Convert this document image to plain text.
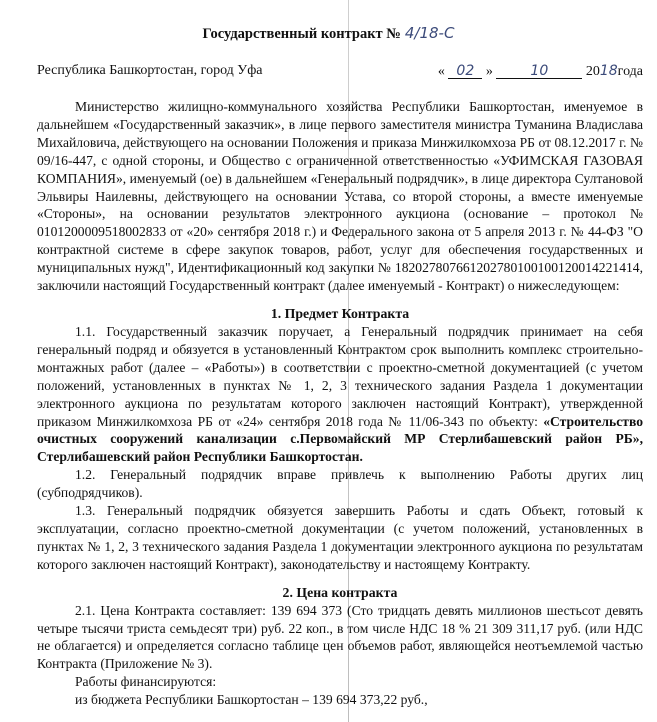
Государственный контракт № 4/18-С
Республика Башкортостан, город Уфа	« 02 »	10	2018года

Министерство жилищно-коммунального хозяйства Республики Башкортостан, именуемое в дальнейшем «Государственный заказчик», в лице первого заместителя министра Туманина Владислава Михайловича, действующего на основании Положения и приказа Минжилкомхоза РБ от 08.12.2017 г. № 09/16-447, с одной стороны, и Общество с ограниченной ответственностью «УФИМСКАЯ ГАЗОВАЯ КОМПАНИЯ», именуемый (ое) в дальнейшем «Генеральный подрядчик», в лице директора Султановой Эльвиры Наилевны, действующего на основании Устава, со второй стороны, а вместе именуемые «Стороны», на основании результатов электронного аукциона (основание – протокол № 0101200009518002833 от «20» сентября 2018 г.) и Федерального закона от 5 апреля 2013 г. № 44-ФЗ "О контрактной системе в сфере закупок товаров, работ, услуг для обеспечения государственных и муниципальных нужд", Идентификационный код закупки № 182027807661202780100100120014221414, заключили настоящий Государственный контракт (далее именуемый - Контракт) о нижеследующем:

1. Предмет Контракта

1.1. Государственный заказчик поручает, а Генеральный подрядчик принимает на себя генеральный подряд и обязуется в установленный Контрактом срок выполнить комплекс строительно-монтажных работ (далее – «Работы») в соответствии с проектно-сметной документацией (с учетом положений, установленных в пунктах № 1, 2, 3 технического задания Раздела 1 документации электронного аукциона по результатам которого заключен настоящий Контракт), утвержденной приказом Минжилкомхоза РБ от «24» сентября 2018 года № 11/06-343 по объекту: «Строительство очистных сооружений канализации с.Первомайский МР Стерлибашевский район РБ», Стерлибашевский район Республики Башкортостан.

1.2. Генеральный подрядчик вправе привлечь к выполнению Работы других лиц (субподрядчиков).

1.3. Генеральный подрядчик обязуется завершить Работы и сдать Объект, готовый к эксплуатации, согласно проектно-сметной документации (с учетом положений, установленных в пунктах № 1, 2, 3 технического задания Раздела 1 документации электронного аукциона по результатам которого заключен настоящий Контракт), законодательству и настоящему Контракту.

2. Цена контракта

2.1. Цена Контракта составляет: 139 694 373 (Сто тридцать девять миллионов шестьсот девять четыре тысячи триста семьдесят три) руб. 22 коп., в том числе НДС 18 % 21 309 311,17 руб. (или НДС не облагается) и определяется согласно таблице цен объемов работ, являющейся неотъемлемой частью Контракта (Приложение № 3).

Работы финансируются:

из бюджета Республики Башкортостан – 139 694 373,22 руб.,
